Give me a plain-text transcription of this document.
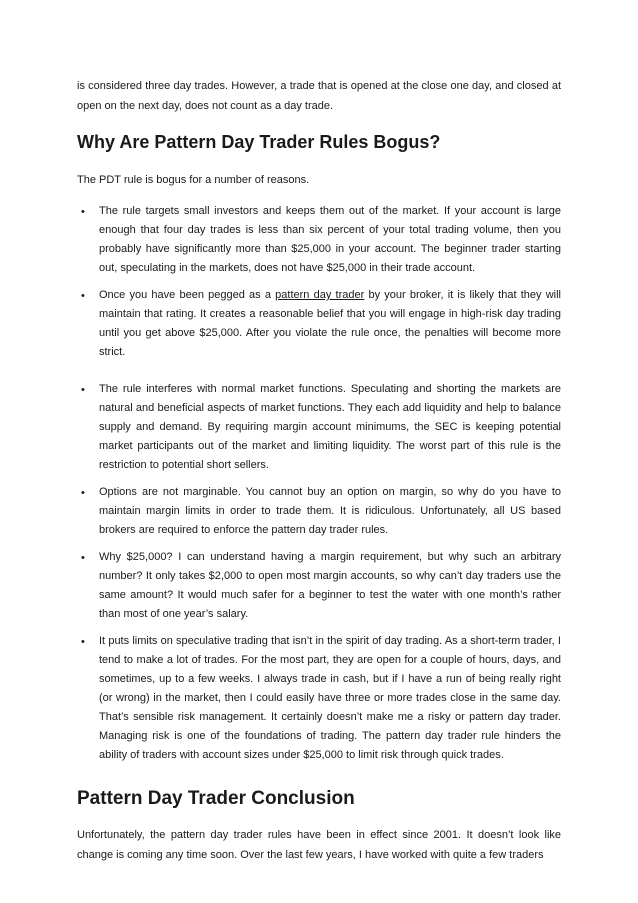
is considered three day trades. However, a trade that is opened at the close one day, and closed at open on the next day, does not count as a day trade.

Why Are Pattern Day Trader Rules Bogus?

The PDT rule is bogus for a number of reasons.

• The rule targets small investors and keeps them out of the market. If your account is large enough that four day trades is less than six percent of your total trading volume, then you probably have significantly more than $25,000 in your account. The beginner trader starting out, speculating in the markets, does not have $25,000 in their trade account.

• Once you have been pegged as a pattern day trader by your broker, it is likely that they will maintain that rating. It creates a reasonable belief that you will engage in high-risk day trading until you get above $25,000. After you violate the rule once, the penalties will become more strict.

• The rule interferes with normal market functions. Speculating and shorting the markets are natural and beneficial aspects of market functions. They each add liquidity and help to balance supply and demand. By requiring margin account minimums, the SEC is keeping potential market participants out of the market and limiting liquidity. The worst part of this rule is the restriction to potential short sellers.

• Options are not marginable. You cannot buy an option on margin, so why do you have to maintain margin limits in order to trade them. It is ridiculous. Unfortunately, all US based brokers are required to enforce the pattern day trader rules.

• Why $25,000? I can understand having a margin requirement, but why such an arbitrary number? It only takes $2,000 to open most margin accounts, so why can’t day traders use the same amount? It would much safer for a beginner to test the water with one month’s rather than most of one year’s salary.

• It puts limits on speculative trading that isn’t in the spirit of day trading. As a short-term trader, I tend to make a lot of trades. For the most part, they are open for a couple of hours, days, and sometimes, up to a few weeks. I always trade in cash, but if I have a run of being really right (or wrong) in the market, then I could easily have three or more trades close in the same day. That’s sensible risk management. It certainly doesn’t make me a risky or pattern day trader. Managing risk is one of the foundations of trading. The pattern day trader rule hinders the ability of traders with account sizes under $25,000 to limit risk through quick trades.

Pattern Day Trader Conclusion

Unfortunately, the pattern day trader rules have been in effect since 2001. It doesn’t look like change is coming any time soon. Over the last few years, I have worked with quite a few traders
